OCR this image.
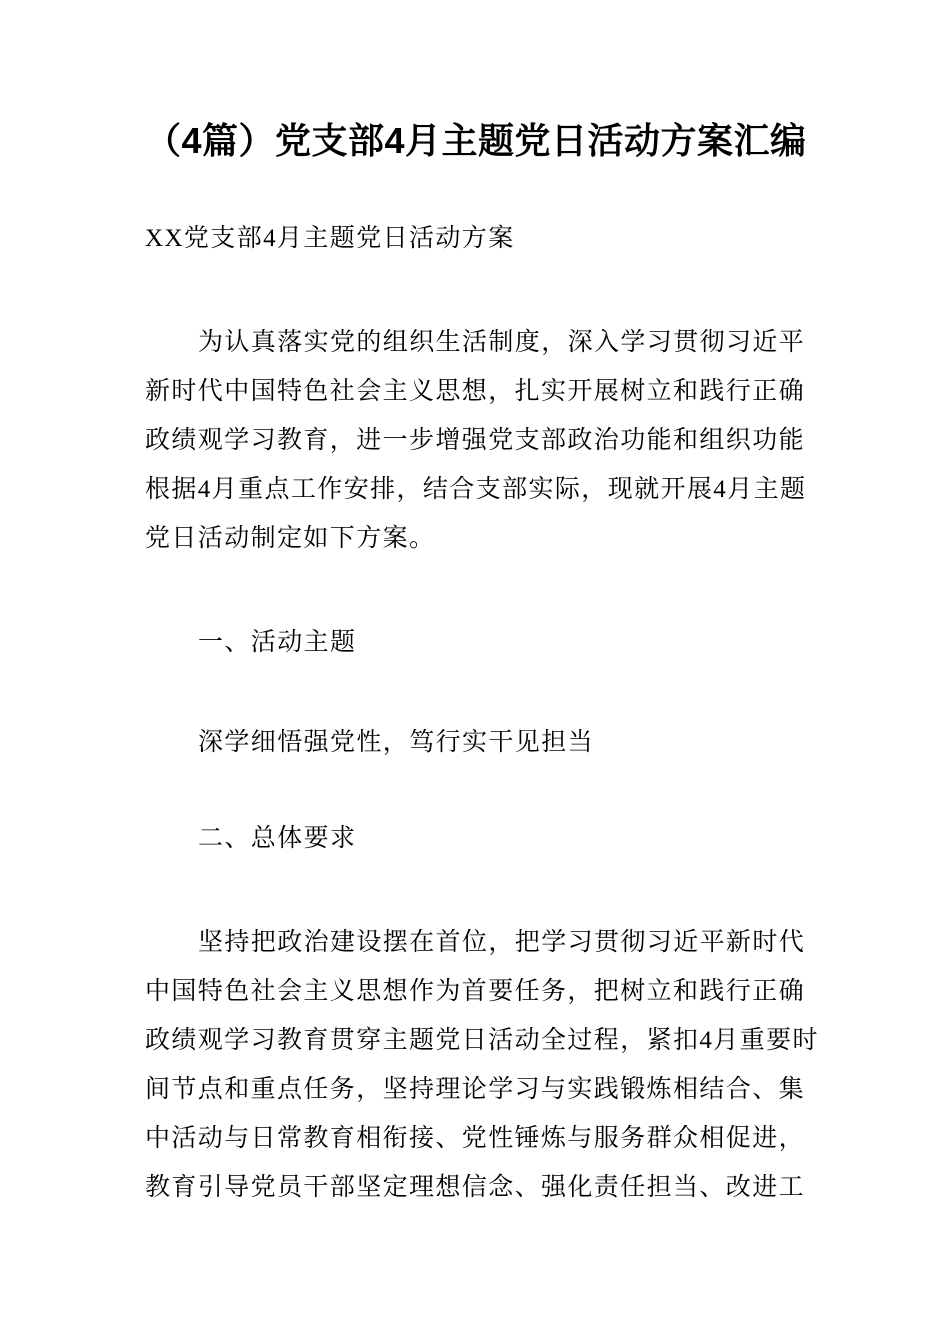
（4篇）党支部4月主题党日活动方案汇编
XX党支部4月主题党日活动方案
为认真落实党的组织生活制度，深入学习贯彻习近平
新时代中国特色社会主义思想，扎实开展树立和践行正确
政绩观学习教育，进一步增强党支部政治功能和组织功能
根据4月重点工作安排，结合支部实际，现就开展4月主题
党日活动制定如下方案。
一、活动主题
深学细悟强党性，笃行实干见担当
二、总体要求
坚持把政治建设摆在首位，把学习贯彻习近平新时代
中国特色社会主义思想作为首要任务，把树立和践行正确
政绩观学习教育贯穿主题党日活动全过程，紧扣4月重要时
间节点和重点任务，坚持理论学习与实践锻炼相结合、集
中活动与日常教育相衔接、党性锤炼与服务群众相促进，
教育引导党员干部坚定理想信念、强化责任担当、改进工
